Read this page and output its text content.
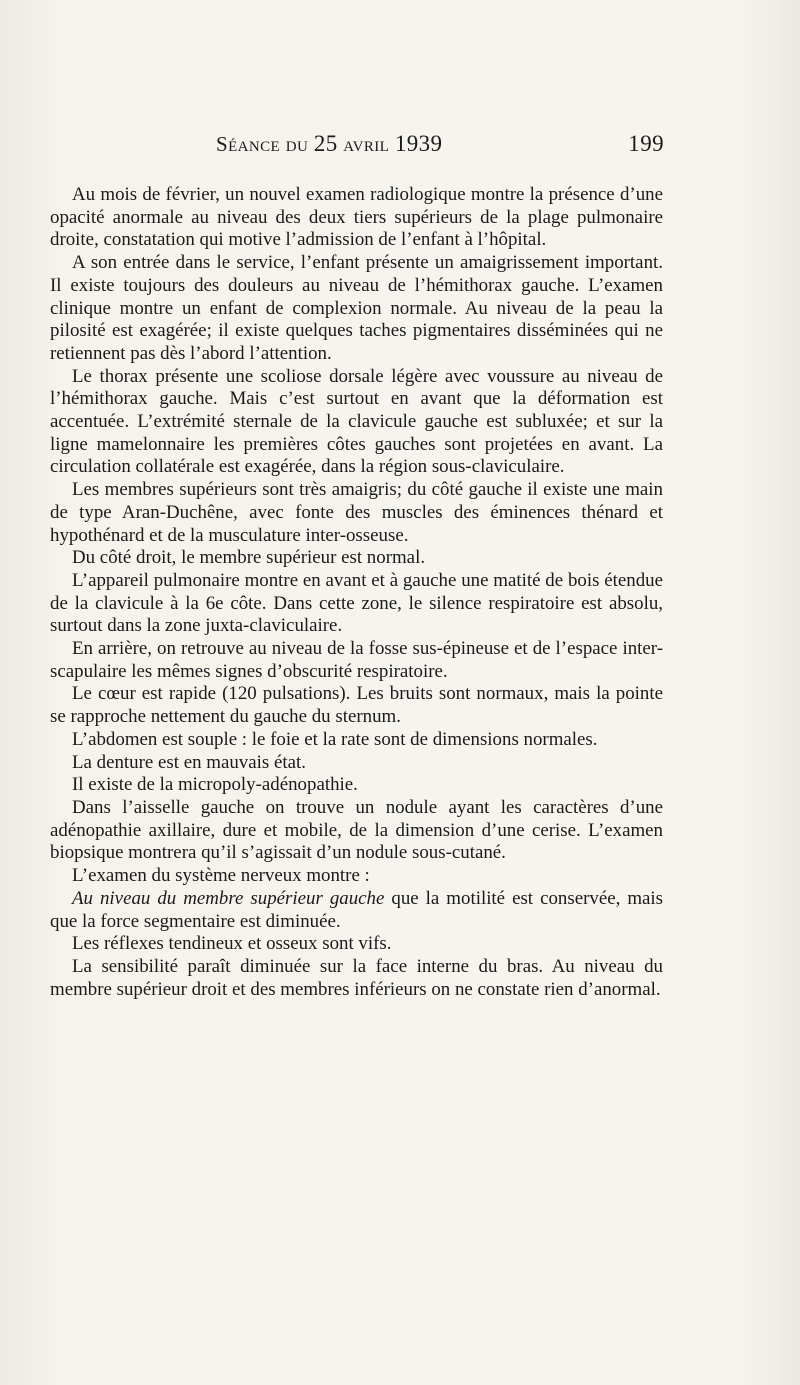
Séance du 25 avril 1939	199

Au mois de février, un nouvel examen radiologique montre la présence d’une opacité anormale au niveau des deux tiers supérieurs de la plage pulmonaire droite, constatation qui motive l’admission de l’enfant à l’hôpital.

A son entrée dans le service, l’enfant présente un amaigrissement important. Il existe toujours des douleurs au niveau de l’hémithorax gauche. L’examen clinique montre un enfant de complexion normale. Au niveau de la peau la pilosité est exagérée; il existe quelques taches pigmentaires disséminées qui ne retiennent pas dès l’abord l’attention.

Le thorax présente une scoliose dorsale légère avec voussure au niveau de l’hémithorax gauche. Mais c’est surtout en avant que la déformation est accentuée. L’extrémité sternale de la clavicule gauche est subluxée; et sur la ligne mamelonnaire les premières côtes gauches sont projetées en avant. La circulation collatérale est exagérée, dans la région sous-claviculaire.

Les membres supérieurs sont très amaigris; du côté gauche il existe une main de type Aran-Duchêne, avec fonte des muscles des éminences thénard et hypothénard et de la musculature inter-osseuse.

Du côté droit, le membre supérieur est normal.

L’appareil pulmonaire montre en avant et à gauche une matité de bois étendue de la clavicule à la 6e côte. Dans cette zone, le silence respiratoire est absolu, surtout dans la zone juxta-claviculaire.

En arrière, on retrouve au niveau de la fosse sus-épineuse et de l’espace inter-scapulaire les mêmes signes d’obscurité respiratoire.

Le cœur est rapide (120 pulsations). Les bruits sont normaux, mais la pointe se rapproche nettement du gauche du sternum.

L’abdomen est souple : le foie et la rate sont de dimensions normales.

La denture est en mauvais état.

Il existe de la micropoly-adénopathie.

Dans l’aisselle gauche on trouve un nodule ayant les caractères d’une adénopathie axillaire, dure et mobile, de la dimension d’une cerise. L’examen biopsique montrera qu’il s’agissait d’un nodule sous-cutané.

L’examen du système nerveux montre :

Au niveau du membre supérieur gauche que la motilité est conservée, mais que la force segmentaire est diminuée.

Les réflexes tendineux et osseux sont vifs.

La sensibilité paraît diminuée sur la face interne du bras. Au niveau du membre supérieur droit et des membres inférieurs on ne constate rien d’anormal.
